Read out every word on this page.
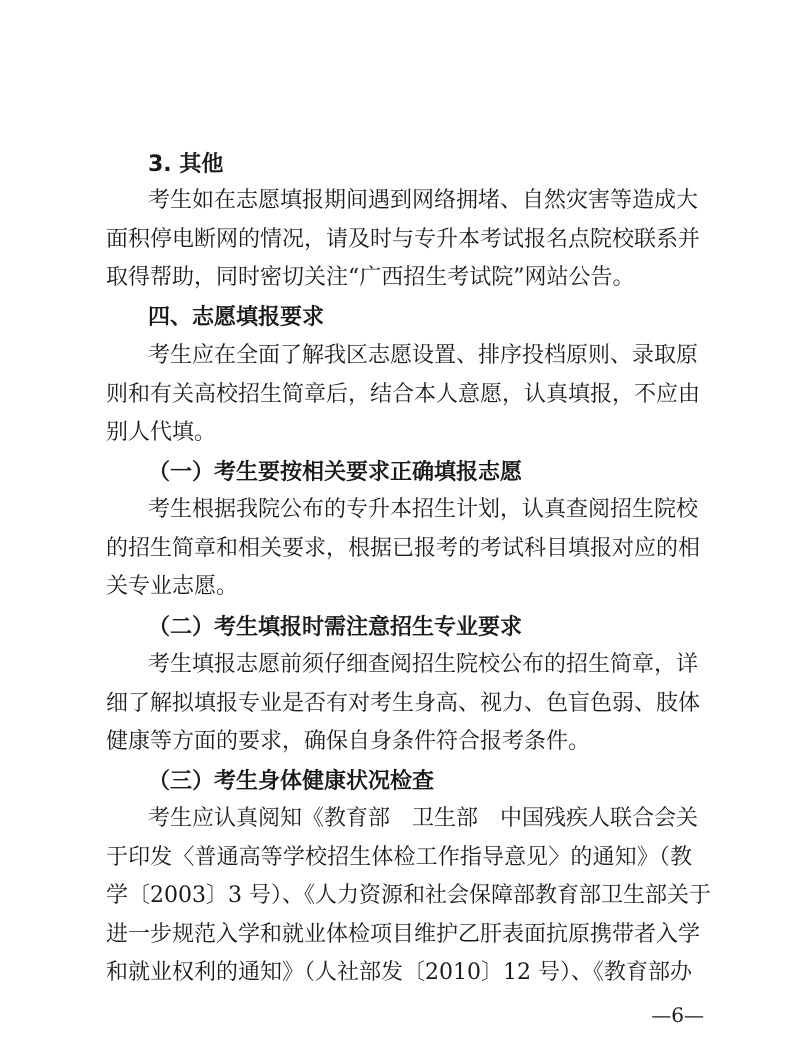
3. 其他
考生如在志愿填报期间遇到网络拥堵、自然灾害等造成大
面积停电断网的情况，请及时与专升本考试报名点院校联系并
取得帮助，同时密切关注“广西招生考试院”网站公告。
四、志愿填报要求
考生应在全面了解我区志愿设置、排序投档原则、录取原
则和有关高校招生简章后，结合本人意愿，认真填报，不应由
别人代填。
（一）考生要按相关要求正确填报志愿
考生根据我院公布的专升本招生计划，认真查阅招生院校
的招生简章和相关要求，根据已报考的考试科目填报对应的相
关专业志愿。
（二）考生填报时需注意招生专业要求
考生填报志愿前须仔细查阅招生院校公布的招生简章，详
细了解拟填报专业是否有对考生身高、视力、色盲色弱、肢体
健康等方面的要求，确保自身条件符合报考条件。
（三）考生身体健康状况检查
考生应认真阅知《教育部　卫生部　中国残疾人联合会关
于印发〈普通高等学校招生体检工作指导意见〉的通知》（教
学〔2003〕3 号）、《人力资源和社会保障部教育部卫生部关于
进一步规范入学和就业体检项目维护乙肝表面抗原携带者入学
和就业权利的通知》（人社部发〔2010〕12 号）、《教育部办
—6—
